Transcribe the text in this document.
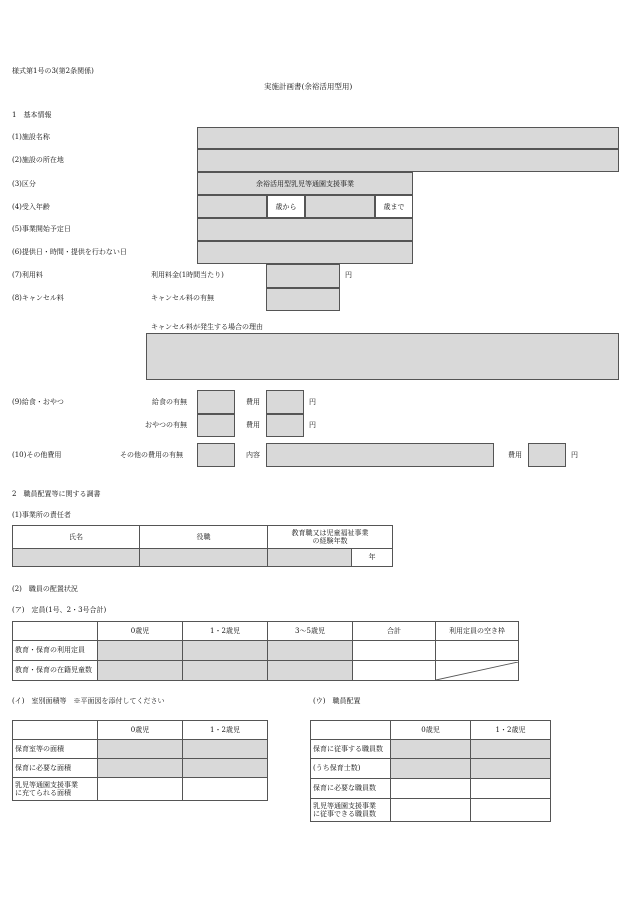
様式第1号の3(第2条関係)
実施計画書(余裕活用型用)
1　基本情報
(1)施設名称
(2)施設の所在地
(3)区分	余裕活用型乳児等通園支援事業
(4)受入年齢	歳から	歳まで
(5)事業開始予定日
(6)提供日・時間・提供を行わない日
(7)利用料	利用料金(1時間当たり)	円
(8)キャンセル料	キャンセル料の有無
キャンセル料が発生する場合の理由
(9)給食・おやつ	給食の有無	費用	円
おやつの有無	費用	円
(10)その他費用	その他の費用の有無	内容	費用	円
2　職員配置等に関する調書
(1)事業所の責任者
氏名	役職	教育職又は児童福祉事業
の経験年数	
			年
(2)　職員の配置状況
(ア)　定員(1号、2・3号合計)
	0歳児	1・2歳児	3～5歳児	合計	利用定員の空き枠
教育・保育の利用定員					
教育・保育の在籍児童数					
(イ)　室別面積等　※平面図を添付してください
	0歳児	1・2歳児
保育室等の面積		
保育に必要な面積		
乳児等通園支援事業
に充てられる面積		
(ウ)　職員配置
	0歳児	1・2歳児
保育に従事する職員数		
(うち保育士数)		
保育に必要な職員数		
乳児等通園支援事業
に従事できる職員数		
